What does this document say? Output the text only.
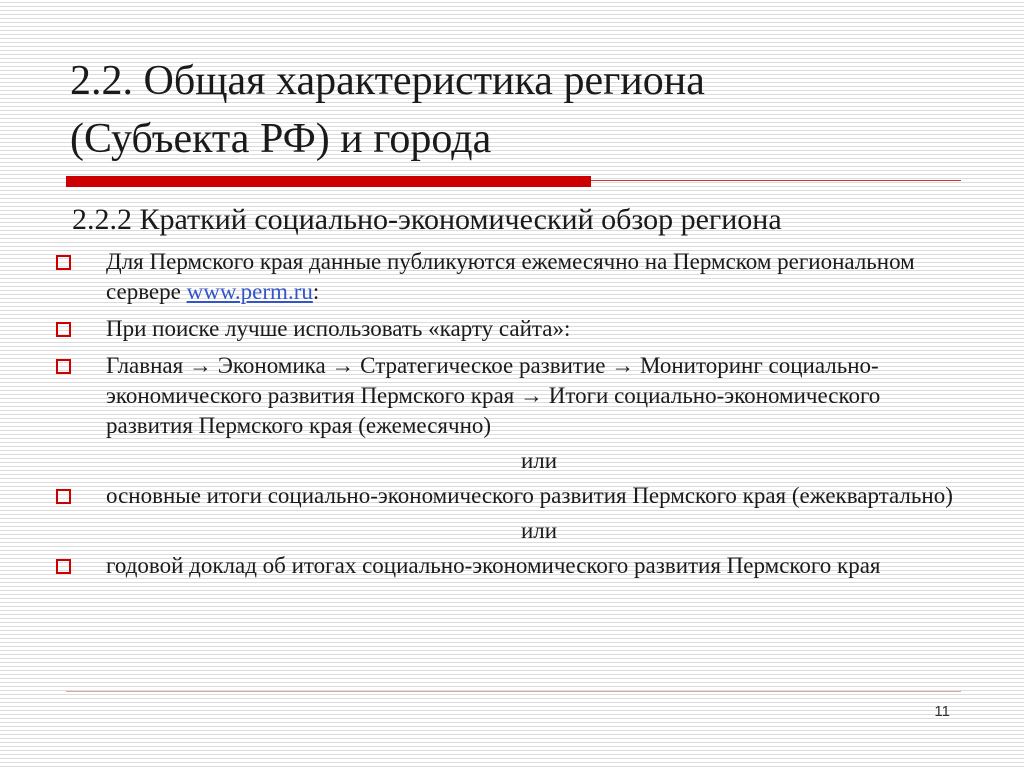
2.2. Общая характеристика региона
(Субъекта РФ) и города
2.2.2 Краткий социально-экономический обзор региона
Для Пермского края данные публикуются ежемесячно на Пермском региональном сервере www.perm.ru:
При поиске лучше использовать «карту сайта»:
Главная → Экономика → Стратегическое развитие → Мониторинг социально-экономического развития Пермского края → Итоги социально-экономического развития Пермского края (ежемесячно)
или
основные итоги социально-экономического развития Пермского края (ежеквартально)
или
годовой доклад об итогах социально-экономического развития Пермского края
11
